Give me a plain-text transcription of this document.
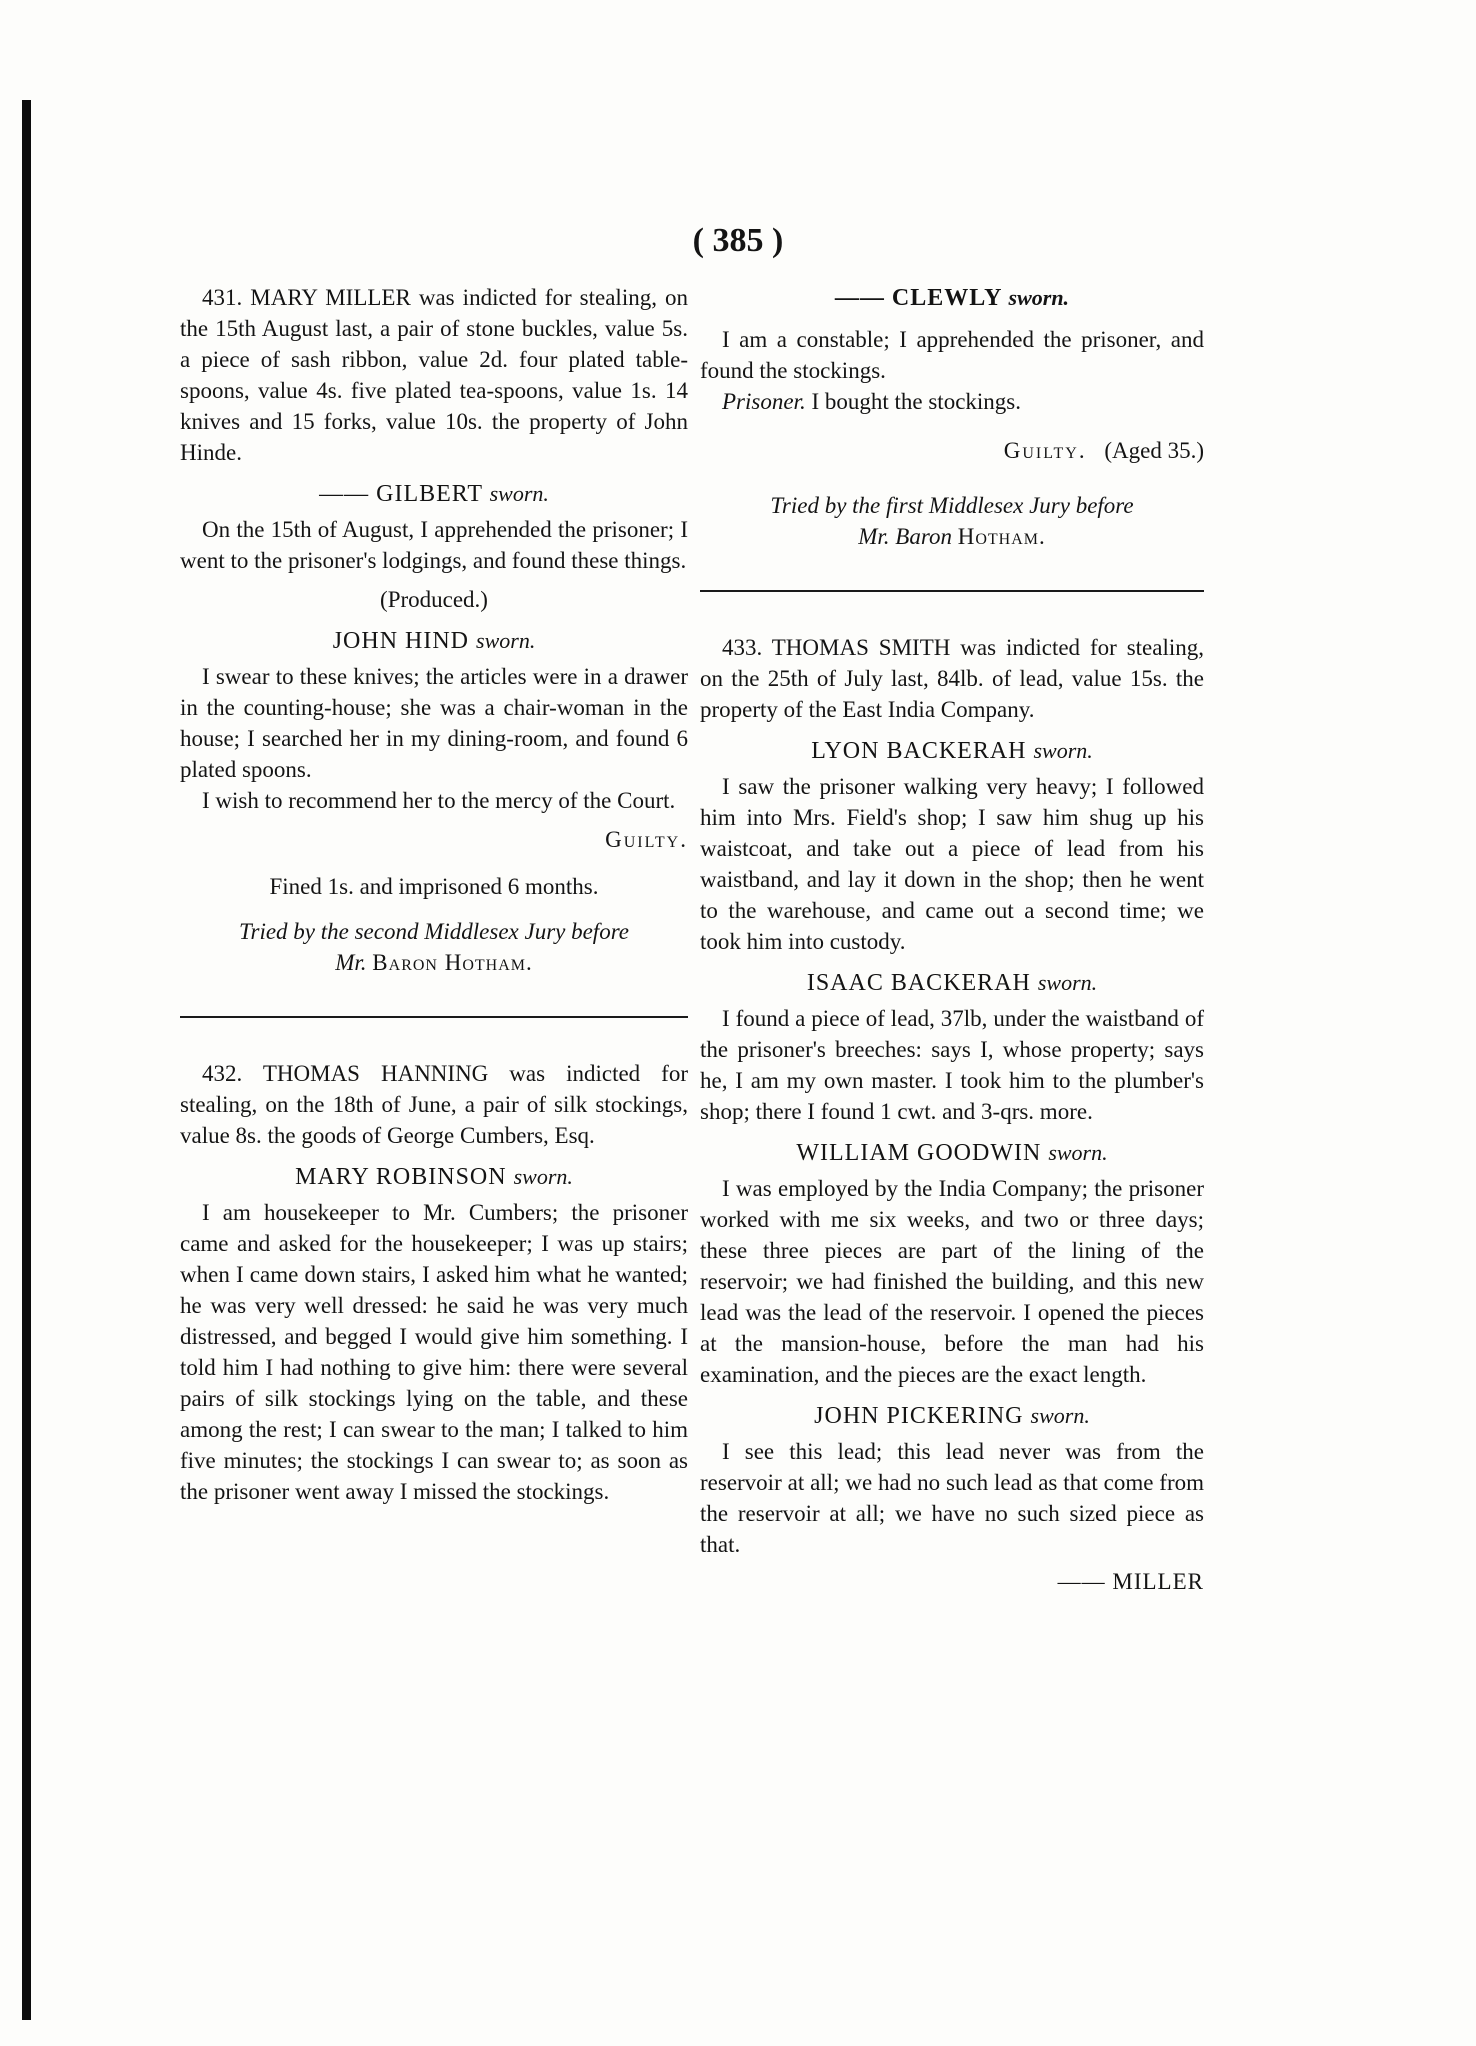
( 385 )

431. MARY MILLER was indicted for stealing, on the 15th August last, a pair of stone buckles, value 5s. a piece of sash ribbon, value 2d. four plated table-spoons, value 4s. five plated tea-spoons, value 1s. 14 knives and 15 forks, value 10s. the property of John Hinde.

—— GILBERT sworn.

On the 15th of August, I apprehended the prisoner; I went to the prisoner's lodgings, and found these things.

(Produced.)

JOHN HIND sworn.

I swear to these knives; the articles were in a drawer in the counting-house; she was a chair-woman in the house; I searched her in my dining-room, and found 6 plated spoons.

I wish to recommend her to the mercy of the Court.

Guilty.

Fined 1s. and imprisoned 6 months.

Tried by the second Middlesex Jury before
Mr. Baron Hotham.

432. THOMAS HANNING was indicted for stealing, on the 18th of June, a pair of silk stockings, value 8s. the goods of George Cumbers, Esq.

MARY ROBINSON sworn.

I am housekeeper to Mr. Cumbers; the prisoner came and asked for the housekeeper; I was up stairs; when I came down stairs, I asked him what he wanted; he was very well dressed: he said he was very much distressed, and begged I would give him something. I told him I had nothing to give him: there were several pairs of silk stockings lying on the table, and these among the rest; I can swear to the man; I talked to him five minutes; the stockings I can swear to; as soon as the prisoner went away I missed the stockings.

—— CLEWLY sworn.

I am a constable; I apprehended the prisoner, and found the stockings.

Prisoner. I bought the stockings.

Guilty. (Aged 35.)

Tried by the first Middlesex Jury before
Mr. Baron Hotham.

433. THOMAS SMITH was indicted for stealing, on the 25th of July last, 84lb. of lead, value 15s. the property of the East India Company.

LYON BACKERAH sworn.

I saw the prisoner walking very heavy; I followed him into Mrs. Field's shop; I saw him shug up his waistcoat, and take out a piece of lead from his waistband, and lay it down in the shop; then he went to the warehouse, and came out a second time; we took him into custody.

ISAAC BACKERAH sworn.

I found a piece of lead, 37lb, under the waistband of the prisoner's breeches: says I, whose property; says he, I am my own master. I took him to the plumber's shop; there I found 1 cwt. and 3-qrs. more.

WILLIAM GOODWIN sworn.

I was employed by the India Company; the prisoner worked with me six weeks, and two or three days; these three pieces are part of the lining of the reservoir; we had finished the building, and this new lead was the lead of the reservoir. I opened the pieces at the mansion-house, before the man had his examination, and the pieces are the exact length.

JOHN PICKERING sworn.

I see this lead; this lead never was from the reservoir at all; we had no such lead as that come from the reservoir at all; we have no such sized piece as that.

—— MILLER
